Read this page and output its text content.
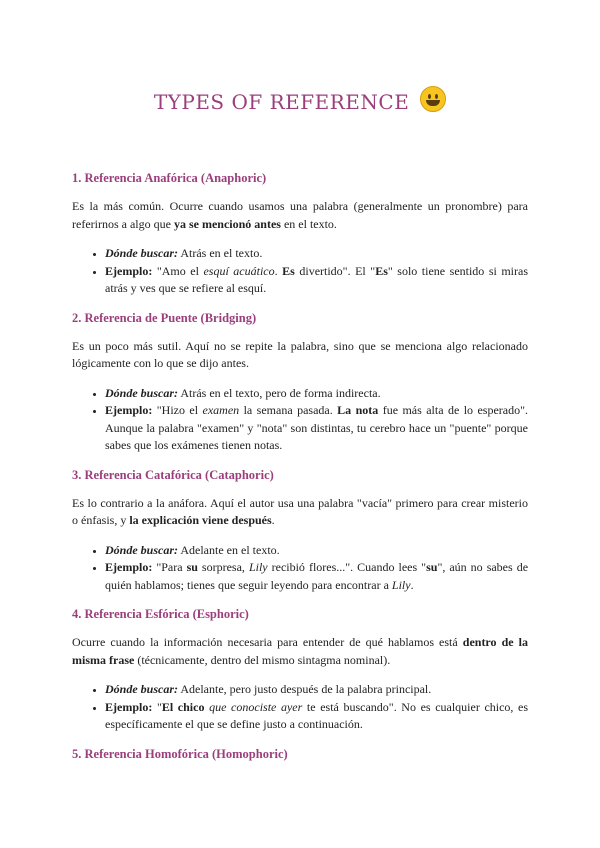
TYPES OF REFERENCE
1. Referencia Anafórica (Anaphoric)

Es la más común. Ocurre cuando usamos una palabra (generalmente un pronombre) para referirnos a algo que ya se mencionó antes en el texto.

• Dónde buscar: Atrás en el texto.
• Ejemplo: "Amo el esquí acuático. Es divertido". El "Es" solo tiene sentido si miras atrás y ves que se refiere al esquí.
2. Referencia de Puente (Bridging)

Es un poco más sutil. Aquí no se repite la palabra, sino que se menciona algo relacionado lógicamente con lo que se dijo antes.

• Dónde buscar: Atrás en el texto, pero de forma indirecta.
• Ejemplo: "Hizo el examen la semana pasada. La nota fue más alta de lo esperado". Aunque la palabra "examen" y "nota" son distintas, tu cerebro hace un "puente" porque sabes que los exámenes tienen notas.
3. Referencia Catafórica (Cataphoric)

Es lo contrario a la anáfora. Aquí el autor usa una palabra "vacía" primero para crear misterio o énfasis, y la explicación viene después.

• Dónde buscar: Adelante en el texto.
• Ejemplo: "Para su sorpresa, Lily recibió flores...". Cuando lees "su", aún no sabes de quién hablamos; tienes que seguir leyendo para encontrar a Lily.
4. Referencia Esfórica (Esphoric)

Ocurre cuando la información necesaria para entender de qué hablamos está dentro de la misma frase (técnicamente, dentro del mismo sintagma nominal).

• Dónde buscar: Adelante, pero justo después de la palabra principal.
• Ejemplo: "El chico que conociste ayer te está buscando". No es cualquier chico, es específicamente el que se define justo a continuación.
5. Referencia Homofórica (Homophoric)
